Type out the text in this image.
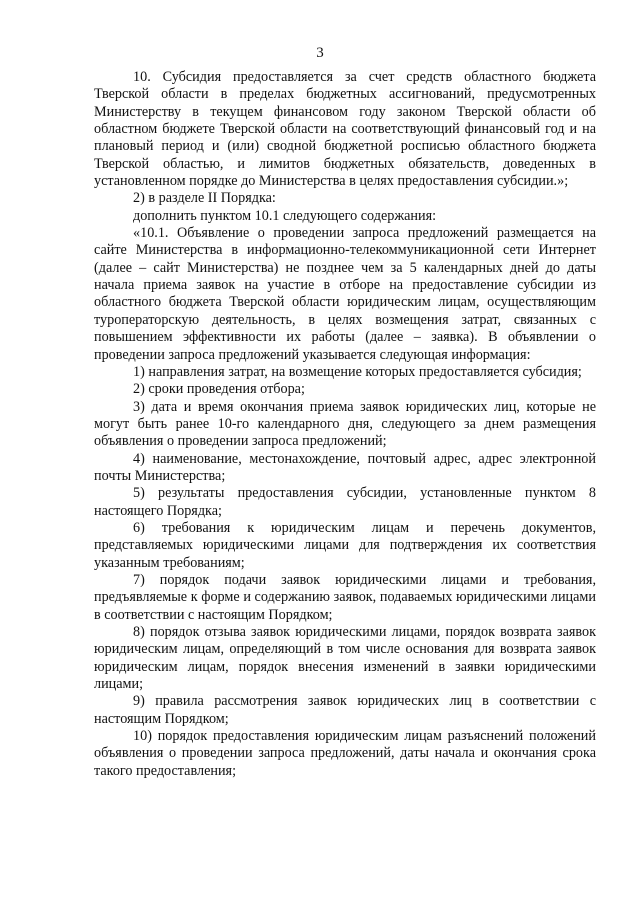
3

10. Субсидия предоставляется за счет средств областного бюджета Тверской области в пределах бюджетных ассигнований, предусмотренных Министерству в текущем финансовом году законом Тверской области об областном бюджете Тверской области на соответствующий финансовый год и на плановый период и (или) сводной бюджетной росписью областного бюджета Тверской областью, и лимитов бюджетных обязательств, доведенных в установленном порядке до Министерства в целях предоставления субсидии.»;

2) в разделе II Порядка:

дополнить пунктом 10.1 следующего содержания:

«10.1. Объявление о проведении запроса предложений размещается на сайте Министерства в информационно-телекоммуникационной сети Интернет (далее – сайт Министерства) не позднее чем за 5 календарных дней до даты начала приема заявок на участие в отборе на предоставление субсидии из областного бюджета Тверской области юридическим лицам, осуществляющим туроператорскую деятельность, в целях возмещения затрат, связанных с повышением эффективности их работы (далее – заявка). В объявлении о проведении запроса предложений указывается следующая информация:

1) направления затрат, на возмещение которых предоставляется субсидия;

2) сроки проведения отбора;

3) дата и время окончания приема заявок юридических лиц, которые не могут быть ранее 10-го календарного дня, следующего за днем размещения объявления о проведении запроса предложений;

4) наименование, местонахождение, почтовый адрес, адрес электронной почты Министерства;

5) результаты предоставления субсидии, установленные пунктом 8 настоящего Порядка;

6) требования к юридическим лицам и перечень документов, представляемых юридическими лицами для подтверждения их соответствия указанным требованиям;

7) порядок подачи заявок юридическими лицами и требования, предъявляемые к форме и содержанию заявок, подаваемых юридическими лицами в соответствии с настоящим Порядком;

8) порядок отзыва заявок юридическими лицами, порядок возврата заявок юридическим лицам, определяющий в том числе основания для возврата заявок юридическим лицам, порядок внесения изменений в заявки юридическими лицами;

9) правила рассмотрения заявок юридических лиц в соответствии с настоящим Порядком;

10) порядок предоставления юридическим лицам разъяснений положений объявления о проведении запроса предложений, даты начала и окончания срока такого предоставления;
